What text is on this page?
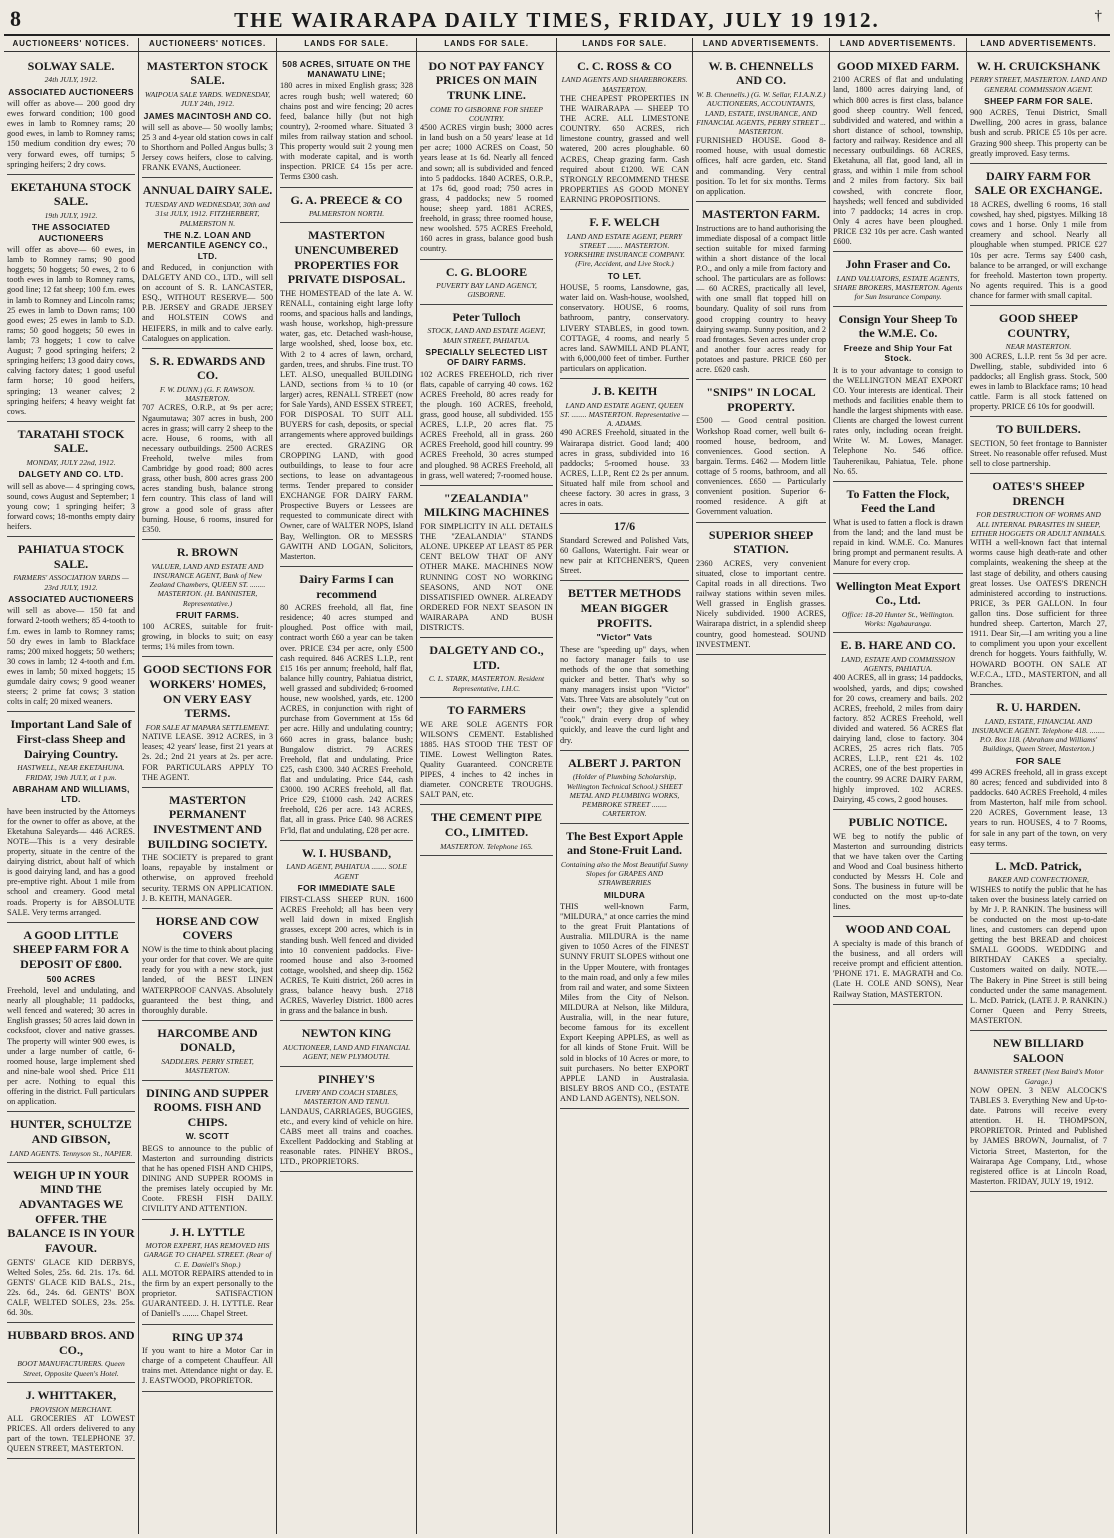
8	THE WAIRARAPA DAILY TIMES, FRIDAY, JULY 19 1912.	†
AUCTIONEERS' NOTICES.
SOLWAY SALE.
24th JULY, 1912.
ASSOCIATED AUCTIONEERS
will offer as above— 200 good dry ewes forward condition; 100 good ewes in lamb to Romney rams; 20 good ewes, in lamb to Romney rams; 150 medium condition dry ewes; 70 very forward ewes, off turnips; 5 springing heifers; 2 dry cows.
EKETAHUNA STOCK SALE.
19th JULY, 1912.
THE ASSOCIATED AUCTIONEERS
will offer as above— 60 ewes, in lamb to Romney rams; 90 good hoggets; 50 hoggets; 50 ewes, 2 to 6 tooth ewes in lamb to Romney rams, good line; 12 fat sheep; 100 f.m. ewes in lamb to Romney and Lincoln rams; 25 ewes in lamb to Down rams; 100 good ewes; 25 ewes in lamb to S.D. rams; 50 good hoggets; 50 ewes in lamb; 73 hoggets; 1 cow to calve August; 7 good springing heifers; 2 springing heifers; 13 good dairy cows, calving factory dates; 1 good useful farm horse; 10 good heifers, springing; 13 weaner calves; 2 springing heifers; 4 heavy weight fat cows.
TARATAHI STOCK SALE.
MONDAY, JULY 22nd, 1912.
DALGETY AND CO. LTD.
will sell as above— 4 springing cows, sound, cows August and September; 1 young cow; 1 springing heifer; 3 forward cows; 18-months empty dairy heifers.
PAHIATUA STOCK SALE.
FARMERS' ASSOCIATION YARDS — 23rd JULY, 1912.
ASSOCIATED AUCTIONEERS
will sell as above— 150 fat and forward 2-tooth wethers; 85 4-tooth to f.m. ewes in lamb to Romney rams; 50 dry ewes in lamb to Blackface rams; 200 mixed hoggets; 50 wethers; 30 cows in lamb; 12 4-tooth and f.m. ewes in lamb; 50 mixed hoggets; 15 gumdale dairy cows; 9 good weaner steers; 2 prime fat cows; 3 station colts in calf; 20 mixed weaners.
Important Land Sale of First-class Sheep and Dairying Country.
HASTWELL, NEAR EKETAHUNA. FRIDAY, 19th JULY, at 1 p.m.
ABRAHAM AND WILLIAMS, LTD.
have been instructed by the Attorneys for the owner to offer as above, at the Eketahuna Saleyards— 446 ACRES. NOTE—This is a very desirable property, situate in the centre of the dairying district, about half of which is good dairying land, and has a good pre-emptive right. About 1 mile from school and creamery. Good metal roads. Property is for ABSOLUTE SALE. Very terms arranged.
A GOOD LITTLE SHEEP FARM FOR A DEPOSIT OF £800.
500 ACRES
Freehold, level and undulating, and nearly all ploughable; 11 paddocks, well fenced and watered; 30 acres in English grasses; 50 acres laid down in cocksfoot, clover and native grasses. The property will winter 900 ewes, is under a large number of cattle, 6-roomed house, large implement shed and nine-bale wool shed. Price £11 per acre. Nothing to equal this offering in the district. Full particulars on application.
HUNTER, SCHULTZE AND GIBSON,
LAND AGENTS. Tennyson St., NAPIER.
WEIGH UP IN YOUR MIND THE ADVANTAGES WE OFFER. THE BALANCE IS IN YOUR FAVOUR.
GENTS' GLACE KID DERBYS, Welted Soles, 25s. 6d. 21s. 17s. 6d. GENTS' GLACE KID BALS., 21s., 22s. 6d., 24s. 6d. GENTS' BOX CALF, WELTED SOLES, 23s. 25s. 6d. 30s.
HUBBARD BROS. AND CO.,
BOOT MANUFACTURERS. Queen Street, Opposite Queen's Hotel.
J. WHITTAKER,
PROVISION MERCHANT.
ALL GROCERIES AT LOWEST PRICES. All orders delivered to any part of the town. TELEPHONE 37. QUEEN STREET, MASTERTON.
AUCTIONEERS' NOTICES.
MASTERTON STOCK SALE.
WAIPOUA SALE YARDS. WEDNESDAY, JULY 24th, 1912.
JAMES MACINTOSH AND CO.
will sell as above— 50 woolly lambs; 25 3 and 4-year old station cows in calf to Shorthorn and Polled Angus bulls; 3 Jersey cows heifers, close to calving. FRANK EVANS, Auctioneer.
ANNUAL DAIRY SALE.
TUESDAY AND WEDNESDAY, 30th and 31st JULY, 1912. FITZHERBERT, PALMERSTON N.
THE N.Z. LOAN AND MERCANTILE AGENCY CO., LTD.
and Reduced, in conjunction with DALGETY AND CO., LTD., will sell on account of S. R. LANCASTER, ESQ., WITHOUT RESERVE— 500 P.B. JERSEY and GRADE JERSEY and HOLSTEIN COWS and HEIFERS, in milk and to calve early. Catalogues on application.
S. R. EDWARDS AND CO.
F. W. DUNN.) (G. F. RAWSON. MASTERTON.
707 ACRES, O.R.P., at 9s per acre; Ngaumutawa; 307 acres in bush, 200 acres in grass; will carry 2 sheep to the acre. House, 6 rooms, with all necessary outbuildings. 2500 ACRES Freehold, twelve miles from Cambridge by good road; 800 acres grass, other bush, 800 acres grass 200 acres standing bush, balance strong fern country. This class of land will grow a good sole of grass after burning. House, 6 rooms, insured for £350.
R. BROWN
VALUER, LAND AND ESTATE AND INSURANCE AGENT, Bank of New Zealand Chambers, QUEEN ST. ........ MASTERTON. (H. BANNISTER, Representative.)
FRUIT FARMS.
100 ACRES, suitable for fruit-growing, in blocks to suit; on easy terms; 1¼ miles from town.
GOOD SECTIONS FOR WORKERS' HOMES, ON VERY EASY TERMS.
FOR SALE AT MAPARA SETTLEMENT.
NATIVE LEASE. 3912 ACRES, in 3 leases; 42 years' lease, first 21 years at 2s. 2d.; 2nd 21 years at 2s. per acre. FOR PARTICULARS APPLY TO THE AGENT.
MASTERTON PERMANENT INVESTMENT AND BUILDING SOCIETY.
THE SOCIETY is prepared to grant loans, repayable by instalment or otherwise, on approved freehold security. TERMS ON APPLICATION. J. B. KEITH, MANAGER.
HORSE AND COW COVERS
NOW is the time to think about placing your order for that cover. We are quite ready for you with a new stock, just landed, of the BEST LINEN WATERPROOF CANVAS. Absolutely guaranteed the best thing, and thoroughly durable.
HARCOMBE AND DONALD,
SADDLERS. PERRY STREET, MASTERTON.
DINING AND SUPPER ROOMS. FISH AND CHIPS.
W. SCOTT
BEGS to announce to the public of Masterton and surrounding districts that he has opened FISH AND CHIPS, DINING AND SUPPER ROOMS in the premises lately occupied by Mr. Coote. FRESH FISH DAILY. CIVILITY AND ATTENTION.
J. H. LYTTLE
MOTOR EXPERT, HAS REMOVED HIS GARAGE TO CHAPEL STREET. (Rear of C. E. Daniell's Shop.)
ALL MOTOR REPAIRS attended to in the firm by an expert personally to the proprietor. SATISFACTION GUARANTEED. J. H. LYTTLE. Rear of Daniell's ........ Chapel Street.
RING UP 374
If you want to hire a Motor Car in charge of a competent Chauffeur. All trains met. Attendance night or day. E. J. EASTWOOD, PROPRIETOR.
LANDS FOR SALE.
508 ACRES, SITUATE ON THE MANAWATU LINE;
180 acres in mixed English grass; 328 acres rough bush; well watered; 60 chains post and wire fencing; 20 acres feed, balance hilly (but not high country), 2-roomed whare. Situated 3 miles from railway station and school. This property would suit 2 young men with moderate capital, and is worth inspection. PRICE £4 15s per acre. Terms £300 cash.
G. A. PREECE & CO
PALMERSTON NORTH.
MASTERTON UNENCUMBERED PROPERTIES FOR PRIVATE DISPOSAL.
THE HOMESTEAD of the late A. W. RENALL, containing eight large lofty rooms, and spacious halls and landings, wash house, workshop, high-pressure water, gas, etc. Detached wash-house, large woolshed, shed, loose box, etc. With 2 to 4 acres of lawn, orchard, garden, trees, and shrubs. Fine trust. TO LET. ALSO, unequalled BUILDING LAND, sections from ¼ to 10 (or larger) acres, RENALL STREET (now for Sale Yards), AND ESSEX STREET, FOR DISPOSAL TO SUIT ALL BUYERS for cash, deposits, or special arrangements where approved buildings are erected. GRAZING OR CROPPING LAND, with good outbuildings, to lease to four acre sections, to lease on advantageous terms. Tender prepared to consider EXCHANGE FOR DAIRY FARM. Prospective Buyers or Lessees are requested to communicate direct with Owner, care of WALTER NOPS, Island Bay, Wellington. OR to MESSRS GAWITH AND LOGAN, Solicitors, Masterton.
Dairy Farms I can recommend
80 ACRES freehold, all flat, fine residence; 40 acres stumped and ploughed. Post office with mail, contract worth £60 a year can be taken over. PRICE £34 per acre, only £500 cash required. 846 ACRES L.I.P., rent £15 16s per annum; freehold, half flat, balance hilly country, Pahiatua district, well grassed and subdivided; 6-roomed house, new woolshed, yards, etc. 1200 ACRES, in conjunction with right of purchase from Government at 15s 6d per acre. Hilly and undulating country; 660 acres in grass, balance bush; Bungalow district. 79 ACRES Freehold, flat and undulating. Price £25, cash £300. 340 ACRES Freehold, flat and undulating. Price £44, cash £3000. 190 ACRES freehold, all flat. Price £29, £1000 cash. 242 ACRES freehold, £26 per acre. 143 ACRES, flat, all in grass. Price £40. 98 ACRES Fr'ld, flat and undulating, £28 per acre.
W. I. HUSBAND,
LAND AGENT, PAHIATUA ........ SOLE AGENT
FOR IMMEDIATE SALE
FIRST-CLASS SHEEP RUN. 1600 ACRES Freehold; all has been very well laid down in mixed English grasses, except 200 acres, which is in standing bush. Well fenced and divided into 10 convenient paddocks. Five-roomed house and also 3-roomed cottage, woolshed, and sheep dip. 1562 ACRES, Te Kuiti district, 260 acres in grass, balance heavy bush. 2718 ACRES, Waverley District. 1800 acres in grass and the balance in bush.
NEWTON KING
AUCTIONEER, LAND AND FINANCIAL AGENT, NEW PLYMOUTH.
PINHEY'S
LIVERY AND COACH STABLES, MASTERTON AND TENUI.
LANDAUS, CARRIAGES, BUGGIES, etc., and every kind of vehicle on hire. CABS meet all trains and coaches. Excellent Paddocking and Stabling at reasonable rates. PINHEY BROS., LTD., PROPRIETORS.
LANDS FOR SALE.
DO NOT PAY FANCY PRICES ON MAIN TRUNK LINE.
COME TO GISBORNE FOR SHEEP COUNTRY.
4500 ACRES virgin bush; 3000 acres in land bush on a 50 years' lease at 1d per acre; 1000 ACRES on Coast, 50 years lease at 1s 6d. Nearly all fenced and sown; all is subdivided and fenced into 5 paddocks. 1840 ACRES, O.R.P., at 17s 6d, good road; 750 acres in grass, 4 paddocks; new 5 roomed house; sheep yard. 1881 ACRES, freehold, in grass; three roomed house, new woolshed. 575 ACRES Freehold, 160 acres in grass, balance good bush country.
C. G. BLOORE
PUVERTY BAY LAND AGENCY, GISBORNE.
Peter Tulloch
STOCK, LAND AND ESTATE AGENT, MAIN STREET, PAHIATUA.
SPECIALLY SELECTED LIST OF DAIRY FARMS.
102 ACRES FREEHOLD, rich river flats, capable of carrying 40 cows. 162 ACRES Freehold, 80 acres ready for the plough. 160 ACRES, freehold, grass, good house, all subdivided. 155 ACRES, L.I.P., 20 acres flat. 75 ACRES Freehold, all in grass. 260 ACRES Freehold, good hill country. 99 ACRES Freehold, 30 acres stumped and ploughed. 98 ACRES Freehold, all in grass, well watered; 7-roomed house.
"ZEALANDIA" MILKING MACHINES
FOR SIMPLICITY IN ALL DETAILS THE "ZEALANDIA" STANDS ALONE. UPKEEP AT LEAST 85 PER CENT BELOW THAT OF ANY OTHER MAKE. MACHINES NOW RUNNING COST NO WORKING SEASONS, AND NOT ONE DISSATISFIED OWNER. ALREADY ORDERED FOR NEXT SEASON IN WAIRARAPA AND BUSH DISTRICTS.
DALGETY AND CO., LTD.
C. L. STARK, MASTERTON. Resident Representative, I.H.C.
TO FARMERS
WE ARE SOLE AGENTS FOR WILSON'S CEMENT. Established 1885. HAS STOOD THE TEST OF TIME. Lowest Wellington Rates. Quality Guaranteed. CONCRETE PIPES, 4 inches to 42 inches in diameter. CONCRETE TROUGHS. SALT PAN, etc.
THE CEMENT PIPE CO., LIMITED.
MASTERTON. Telephone 165.
LANDS FOR SALE.
C. C. ROSS & CO
LAND AGENTS AND SHAREBROKERS. MASTERTON.
THE CHEAPEST PROPERTIES IN THE WAIRARAPA — SHEEP TO THE ACRE. ALL LIMESTONE COUNTRY. 650 ACRES, rich limestone country, grassed and well watered, 200 acres ploughable. 60 ACRES, Cheap grazing farm. Cash required about £1200. WE CAN STRONGLY RECOMMEND THESE PROPERTIES AS GOOD MONEY EARNING PROPOSITIONS.
F. F. WELCH
LAND AND ESTATE AGENT, PERRY STREET ........ MASTERTON. YORKSHIRE INSURANCE COMPANY. (Fire, Accident, and Live Stock.)
TO LET.
HOUSE, 5 rooms, Lansdowne, gas, water laid on. Wash-house, woolshed, conservatory. HOUSE, 6 rooms, bathroom, pantry, conservatory. LIVERY STABLES, in good town. COTTAGE, 4 rooms, and nearly 5 acres land. SAWMILL AND PLANT, with 6,000,000 feet of timber. Further particulars on application.
J. B. KEITH
LAND AND ESTATE AGENT, QUEEN ST. ........ MASTERTON. Representative — A. ADAMS.
490 ACRES Freehold, situated in the Wairarapa district. Good land; 400 acres in grass, subdivided into 16 paddocks; 5-roomed house. 33 ACRES, L.I.P., Rent £2 2s per annum. Situated half mile from school and cheese factory. 30 acres in grass, 3 acres in oats.
17/6
Standard Screwed and Polished Vats, 60 Gallons, Watertight. Fair wear or new pair at KITCHENER'S, Queen Street.
BETTER METHODS MEAN BIGGER PROFITS.
"Victor" Vats
These are "speeding up" days, when no factory manager fails to use methods of the one that something quicker and better. That's why so many managers insist upon "Victor" Vats. Three Vats are absolutely "cut on their own"; they give a splendid "cook," drain every drop of whey quickly, and leave the curd light and dry.
ALBERT J. PARTON
(Holder of Plumbing Scholarship, Wellington Technical School.) SHEET METAL AND PLUMBING WORKS, PEMBROKE STREET ........ CARTERTON.
The Best Export Apple and Stone-Fruit Land.
Containing also the Most Beautiful Sunny Slopes for GRAPES AND STRAWBERRIES
MILDURA
THIS well-known Farm, "MILDURA," at once carries the mind to the great Fruit Plantations of Australia. MILDURA is the name given to 1050 Acres of the FINEST SUNNY FRUIT SLOPES without one in the Upper Moutere, with frontages to the main road, and only a few miles from rail and water, and some Sixteen Miles from the City of Nelson. MILDURA at Nelson, like Mildura, Australia, will, in the near future, become famous for its excellent Export Keeping APPLES, as well as for all kinds of Stone Fruit. Will be sold in blocks of 10 Acres or more, to suit purchasers. No better EXPORT APPLE LAND in Australasia. BISLEY BROS AND CO., (ESTATE AND LAND AGENTS), NELSON.
LAND ADVERTISEMENTS.
W. B. CHENNELLS AND CO.
W. B. Chennells.) (G. W. Sellar, F.I.A.N.Z.) AUCTIONEERS, ACCOUNTANTS, LAND, ESTATE, INSURANCE, AND FINANCIAL AGENTS, PERRY STREET ... MASTERTON.
FURNISHED HOUSE. Good 8-roomed house, with usual domestic offices, half acre garden, etc. Stand and commanding. Very central position. To let for six months. Terms on application.
MASTERTON FARM.
Instructions are to hand authorising the immediate disposal of a compact little section suitable for mixed farming within a short distance of the local P.O., and only a mile from factory and school. The particulars are as follows:— 60 ACRES, practically all level, with one small flat topped hill on boundary. Quality of soil runs from good cropping country to heavy dairying swamp. Sunny position, and 2 road frontages. Seven acres under crop and another four acres ready for potatoes and pasture. PRICE £60 per acre. £620 cash.
"SNIPS" IN LOCAL PROPERTY.
£500 — Good central position. Workshop Road corner, well built 6-roomed house, bedroom, and conveniences. Good section. A bargain. Terms. £462 — Modern little cottage of 5 rooms, bathroom, and all conveniences. £650 — Particularly convenient position. Superior 6-roomed residence. A gift at Government valuation.
SUPERIOR SHEEP STATION.
2360 ACRES, very convenient situated, close to important centre. Capital roads in all directions. Two railway stations within seven miles. Well grassed in English grasses. Nicely subdivided. 1900 ACRES, Wairarapa district, in a splendid sheep country, good homestead. SOUND INVESTMENT.
LAND ADVERTISEMENTS.
GOOD MIXED FARM.
2100 ACRES of flat and undulating land, 1800 acres dairying land, of which 800 acres is first class, balance good sheep country. Well fenced, subdivided and watered, and within a short distance of school, township, factory and railway. Residence and all necessary outbuildings. 68 ACRES, Eketahuna, all flat, good land, all in grass, and within 1 mile from school and 2 miles from factory. Six bail cowshed, with concrete floor, haysheds; well fenced and subdivided into 7 paddocks; 14 acres in crop. Only 4 acres have been ploughed. PRICE £32 10s per acre. Cash wanted £600.
John Fraser and Co.
LAND VALUATORS, ESTATE AGENTS, SHARE BROKERS, MASTERTON. Agents for Sun Insurance Company.
Consign Your Sheep To the W.M.E. Co.
Freeze and Ship Your Fat Stock.
It is to your advantage to consign to the WELLINGTON MEAT EXPORT CO. Your interests are identical. Their methods and facilities enable them to handle the largest shipments with ease. Clients are charged the lowest current rates only, including ocean freight. Write W. M. Lowes, Manager. Telephone No. 546 office. Tauherenikau, Pahiatua, Tele. phone No. 65.
To Fatten the Flock, Feed the Land
What is used to fatten a flock is drawn from the land; and the land must be repaid in kind. W.M.E. Co. Manures bring prompt and permanent results. A Manure for every crop.
Wellington Meat Export Co., Ltd.
Office: 18-20 Hunter St., Wellington. Works: Ngahauranga.
E. B. HARE AND CO.
LAND, ESTATE AND COMMISSION AGENTS, PAHIATUA.
400 ACRES, all in grass; 14 paddocks, woolshed, yards, and dips; cowshed for 20 cows, creamery and bails. 202 ACRES, freehold, 2 miles from dairy factory. 852 ACRES Freehold, well divided and watered. 56 ACRES flat dairying land, close to factory. 304 ACRES, 25 acres rich flats. 705 ACRES, L.I.P., rent £21 4s. 102 ACRES, one of the best properties in the country. 99 ACRE DAIRY FARM, highly improved. 102 ACRES. Dairying, 45 cows, 2 good houses.
PUBLIC NOTICE.
WE beg to notify the public of Masterton and surrounding districts that we have taken over the Carting and Wood and Coal business hitherto conducted by Messrs H. Cole and Sons. The business in future will be conducted on the most up-to-date lines.
WOOD AND COAL
A specialty is made of this branch of the business, and all orders will receive prompt and efficient attention. 'PHONE 171. E. MAGRATH and Co. (Late H. COLE AND SONS), Near Railway Station, MASTERTON.
LAND ADVERTISEMENTS.
W. H. CRUICKSHANK
PERRY STREET, MASTERTON. LAND AND GENERAL COMMISSION AGENT.
SHEEP FARM FOR SALE.
900 ACRES, Tenui District, Small Dwelling, 200 acres in grass, balance bush and scrub. PRICE £5 10s per acre. Grazing 900 sheep. This property can be greatly improved. Easy terms.
DAIRY FARM FOR SALE OR EXCHANGE.
18 ACRES, dwelling 6 rooms, 16 stall cowshed, hay shed, pigstyes. Milking 18 cows and 1 horse. Only 1 mile from creamery and school. Nearly all ploughable when stumped. PRICE £27 10s per acre. Terms say £400 cash, balance to be arranged, or will exchange for freehold. Masterton town property. No agents required. This is a good chance for farmer with small capital.
GOOD SHEEP COUNTRY,
NEAR MASTERTON.
300 ACRES, L.I.P. rent 5s 3d per acre. Dwelling, stable, subdivided into 6 paddocks; all English grass. Stock, 500 ewes in lamb to Blackface rams; 10 head cattle. Farm is all stock fattened on property. PRICE £6 10s for goodwill.
TO BUILDERS.
SECTION, 50 feet frontage to Bannister Street. No reasonable offer refused. Must sell to close partnership.
OATES'S SHEEP DRENCH
FOR DESTRUCTION OF WORMS AND ALL INTERNAL PARASITES IN SHEEP, EITHER HOGGETS OR ADULT ANIMALS.
WITH a well-known fact that internal worms cause high death-rate and other complaints, weakening the sheep at the last stage of debility, and others causing great losses. Use OATES'S DRENCH administered according to instructions. PRICE, 3s PER GALLON. In four gallon tins. Dose sufficient for three hundred sheep. Carterton, March 27, 1911. Dear Sir,—I am writing you a line to compliment you upon your excellent drench for hoggets. Yours faithfully, W. HOWARD BOOTH. ON SALE AT W.F.C.A., LTD., MASTERTON, and all Branches.
R. U. HARDEN.
LAND, ESTATE, FINANCIAL AND INSURANCE AGENT. Telephone 418. ........ P.O. Box 118. (Abraham and Williams' Buildings, Queen Street, Masterton.)
FOR SALE
499 ACRES freehold, all in grass except 80 acres; fenced and subdivided into 8 paddocks. 640 ACRES Freehold, 4 miles from Masterton, half mile from school. 220 ACRES, Government lease, 13 years to run. HOUSES, 4 to 7 Rooms, for sale in any part of the town, on very easy terms.
L. McD. Patrick,
BAKER AND CONFECTIONER,
WISHES to notify the public that he has taken over the business lately carried on by Mr J. P. RANKIN. The business will be conducted on the most up-to-date lines, and customers can depend upon getting the best BREAD and choicest SMALL GOODS. WEDDING and BIRTHDAY CAKES a specialty. Customers waited on daily. NOTE.—The Bakery in Pine Street is still being conducted under the same management. L. McD. Patrick, (LATE J. P. RANKIN.) Corner Queen and Perry Streets, MASTERTON.
NEW BILLIARD SALOON
BANNISTER STREET (Next Baird's Motor Garage.)
NOW OPEN. 3 NEW ALCOCK'S TABLES 3. Everything New and Up-to-date. Patrons will receive every attention. H. H. THOMPSON, PROPRIETOR. Printed and Published by JAMES BROWN, Journalist, of 7 Victoria Street, Masterton, for the Wairarapa Age Company, Ltd., whose registered office is at Lincoln Road, Masterton. FRIDAY, JULY 19, 1912.
